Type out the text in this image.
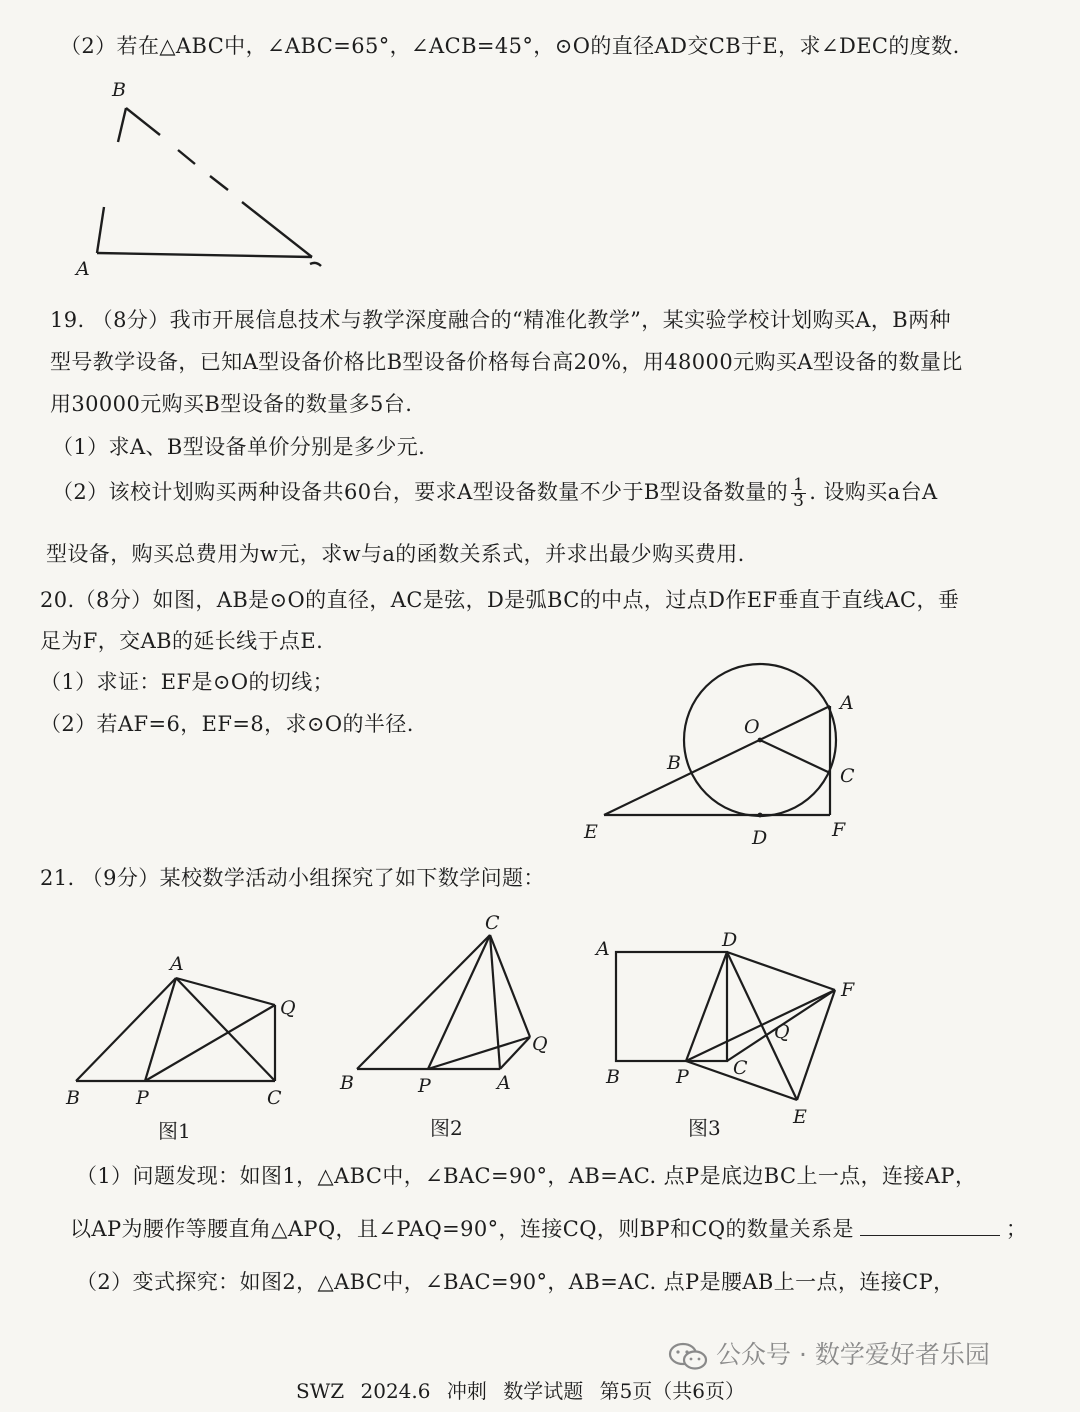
（2）若在△ABC中，∠ABC=65°，∠ACB=45°，⊙O的直径AD交CB于E，求∠DEC的度数.
B
A
19. （8分）我市开展信息技术与教学深度融合的“精准化教学”，某实验学校计划购买A，B两种
型号教学设备，已知A型设备价格比B型设备价格每台高20%，用48000元购买A型设备的数量比
用30000元购买B型设备的数量多5台.
（1）求A、B型设备单价分别是多少元.
（2）该校计划购买两种设备共60台，要求A型设备数量不少于B型设备数量的 $\frac{1}{3}$ . 设购买a台A
型设备，购买总费用为w元，求w与a的函数关系式，并求出最少购买费用.
20.（8分）如图，AB是⊙O的直径，AC是弦，D是弧BC的中点，过点D作EF垂直于直线AC，垂
足为F，交AB的延长线于点E.
（1）求证：EF是⊙O的切线；
（2）若AF=6，EF=8，求⊙O的半径.	O
A
B
C
E	D	F
21. （9分）某校数学活动小组探究了如下数学问题：
A
Q
B	P	C
图1
C
Q
B	P	A
图2
A	D
F
Q
B	P C
E
图3
（1）问题发现：如图1，△ABC中，∠BAC=90°，AB=AC. 点P是底边BC上一点，连接AP，
以AP为腰作等腰直角△APQ，且∠PAQ=90°，连接CQ，则BP和CQ的数量关系是	；
（2）变式探究：如图2，△ABC中，∠BAC=90°，AB=AC. 点P是腰AB上一点，连接CP，
公众号 · 数学爱好者乐园
SWZ 2024.6 冲刺 数学试题 第5页（共6页）
